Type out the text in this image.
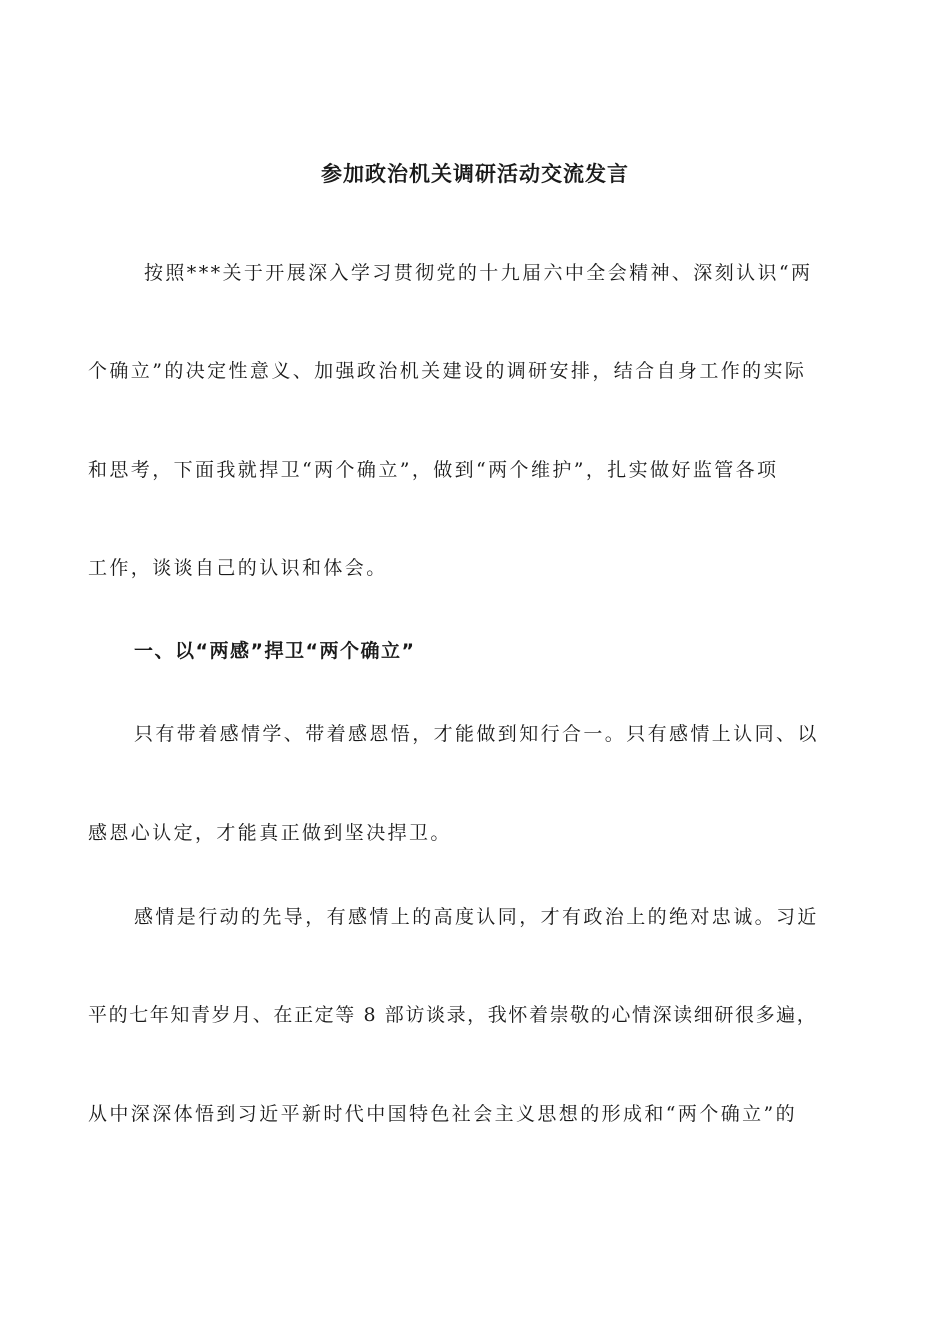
参加政治机关调研活动交流发言
按照***关于开展深入学习贯彻党的十九届六中全会精神、深刻认识“两
个确立”的决定性意义、加强政治机关建设的调研安排，结合自身工作的实际
和思考，下面我就捍卫“两个确立”，做到“两个维护”，扎实做好监管各项
工作，谈谈自己的认识和体会。
一、以“两感”捍卫“两个确立”
只有带着感情学、带着感恩悟，才能做到知行合一。只有感情上认同、以
感恩心认定，才能真正做到坚决捍卫。
感情是行动的先导，有感情上的高度认同，才有政治上的绝对忠诚。习近
平的七年知青岁月、在正定等 8 部访谈录，我怀着崇敬的心情深读细研很多遍，
从中深深体悟到习近平新时代中国特色社会主义思想的形成和“两个确立”的
